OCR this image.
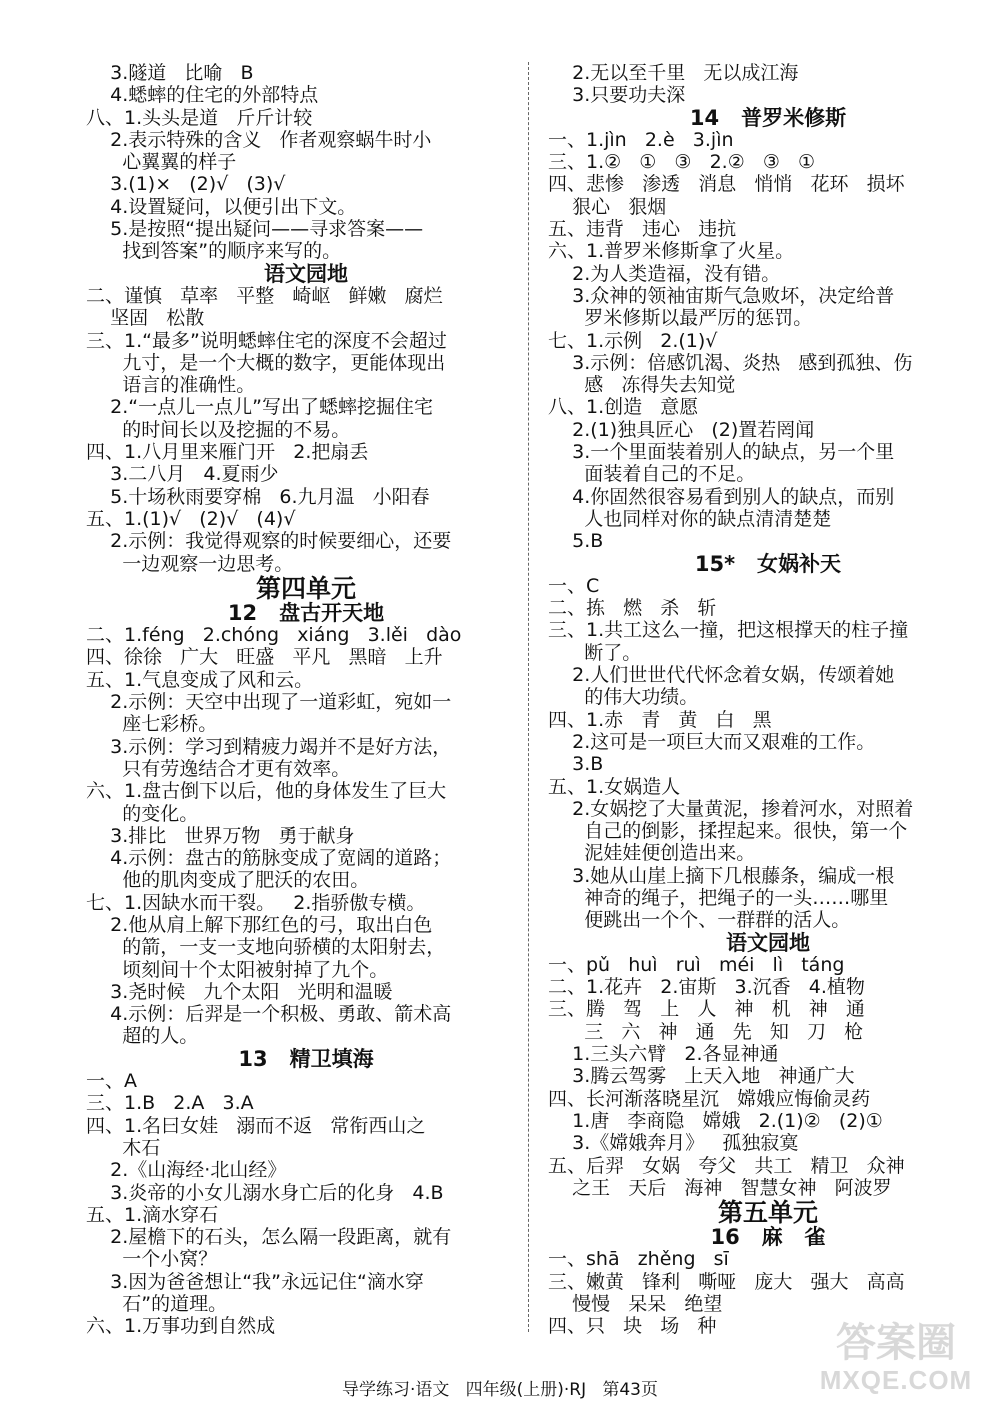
3.隧道   比喻   B
4.蟋蟀的住宅的外部特点
八、1.头头是道   斤斤计较
2.表示特殊的含义   作者观察蜗牛时小
心翼翼的样子
3.(1)×   (2)√   (3)√
4.设置疑问，以便引出下文。
5.是按照“提出疑问——寻求答案——
找到答案”的顺序来写的。
语文园地
二、谨慎   草率   平整   崎岖   鲜嫩   腐烂
坚固   松散
三、1.“最多”说明蟋蟀住宅的深度不会超过
九寸，是一个大概的数字，更能体现出
语言的准确性。
2.“一点儿一点儿”写出了蟋蟀挖掘住宅
的时间长以及挖掘的不易。
四、1.八月里来雁门开   2.把扇丢
3.二八月   4.夏雨少
5.十场秋雨要穿棉   6.九月温   小阳春
五、1.(1)√   (2)√   (4)√
2.示例：我觉得观察的时候要细心，还要
一边观察一边思考。
第四单元
12   盘古开天地
二、1.féng   2.chóng   xiáng   3.lěi   dào
四、徐徐   广大   旺盛   平凡   黑暗   上升
五、1.气息变成了风和云。
2.示例：天空中出现了一道彩虹，宛如一
座七彩桥。
3.示例：学习到精疲力竭并不是好方法，
只有劳逸结合才更有效率。
六、1.盘古倒下以后，他的身体发生了巨大
的变化。
3.排比   世界万物   勇于献身
4.示例：盘古的筋脉变成了宽阔的道路；
他的肌肉变成了肥沃的农田。
七、1.因缺水而干裂。   2.指骄傲专横。
2.他从肩上解下那红色的弓，取出白色
的箭，一支一支地向骄横的太阳射去，
顷刻间十个太阳被射掉了九个。
3.尧时候   九个太阳   光明和温暖
4.示例：后羿是一个积极、勇敢、箭术高
超的人。
13   精卫填海
一、A
三、1.B   2.A   3.A
四、1.名曰女娃   溺而不返   常衔西山之
木石
2.《山海经·北山经》
3.炎帝的小女儿溺水身亡后的化身   4.B
五、1.滴水穿石
2.屋檐下的石头，怎么隔一段距离，就有
一个小窝？
3.因为爸爸想让“我”永远记住“滴水穿
石”的道理。
六、1.万事功到自然成
2.无以至千里   无以成江海
3.只要功夫深
14   普罗米修斯
一、1.jìn   2.è   3.jìn
三、1.②   ①   ③   2.②   ③   ①
四、悲惨   渗透   消息   悄悄   花环   损坏
狠心   狠烟
五、违背   违心   违抗
六、1.普罗米修斯拿了火星。
2.为人类造福，没有错。
3.众神的领袖宙斯气急败坏，决定给普
罗米修斯以最严厉的惩罚。
七、1.示例   2.(1)√
3.示例：倍感饥渴、炎热   感到孤独、伤
感   冻得失去知觉
八、1.创造   意愿
2.(1)独具匠心   (2)置若罔闻
3.一个里面装着别人的缺点，另一个里
面装着自己的不足。
4.你固然很容易看到别人的缺点，而别
人也同样对你的缺点清清楚楚
5.B
15*   女娲补天
一、C
二、拣   燃   杀   斩
三、1.共工这么一撞，把这根撑天的柱子撞
断了。
2.人们世世代代怀念着女娲，传颂着她
的伟大功绩。
四、1.赤   青   黄   白   黑
2.这可是一项巨大而又艰难的工作。
3.B
五、1.女娲造人
2.女娲挖了大量黄泥，掺着河水，对照着
自己的倒影，揉捏起来。很快，第一个
泥娃娃便创造出来。
3.她从山崖上摘下几根藤条，编成一根
神奇的绳子，把绳子的一头……哪里
便跳出一个个、一群群的活人。
语文园地
一、pǔ   huì   ruì   méi   lì   táng
二、1.花卉   2.宙斯   3.沉香   4.植物
三、腾   驾   上   人   神   机   神   通
三   六   神   通   先   知   刀   枪
1.三头六臂   2.各显神通
3.腾云驾雾   上天入地   神通广大
四、长河渐落晓星沉   嫦娥应悔偷灵药
1.唐   李商隐   嫦娥   2.(1)②   (2)①
3.《嫦娥奔月》   孤独寂寞
五、后羿   女娲   夸父   共工   精卫   众神
之王   天后   海神   智慧女神   阿波罗
第五单元
16   麻   雀
一、shā   zhěng   sī
三、嫩黄   锋利   嘶哑   庞大   强大   高高
慢慢   呆呆   绝望
四、只   块   场   种
导学练习·语文   四年级(上册)·RJ   第43页
答案圈
MXQE.COM
